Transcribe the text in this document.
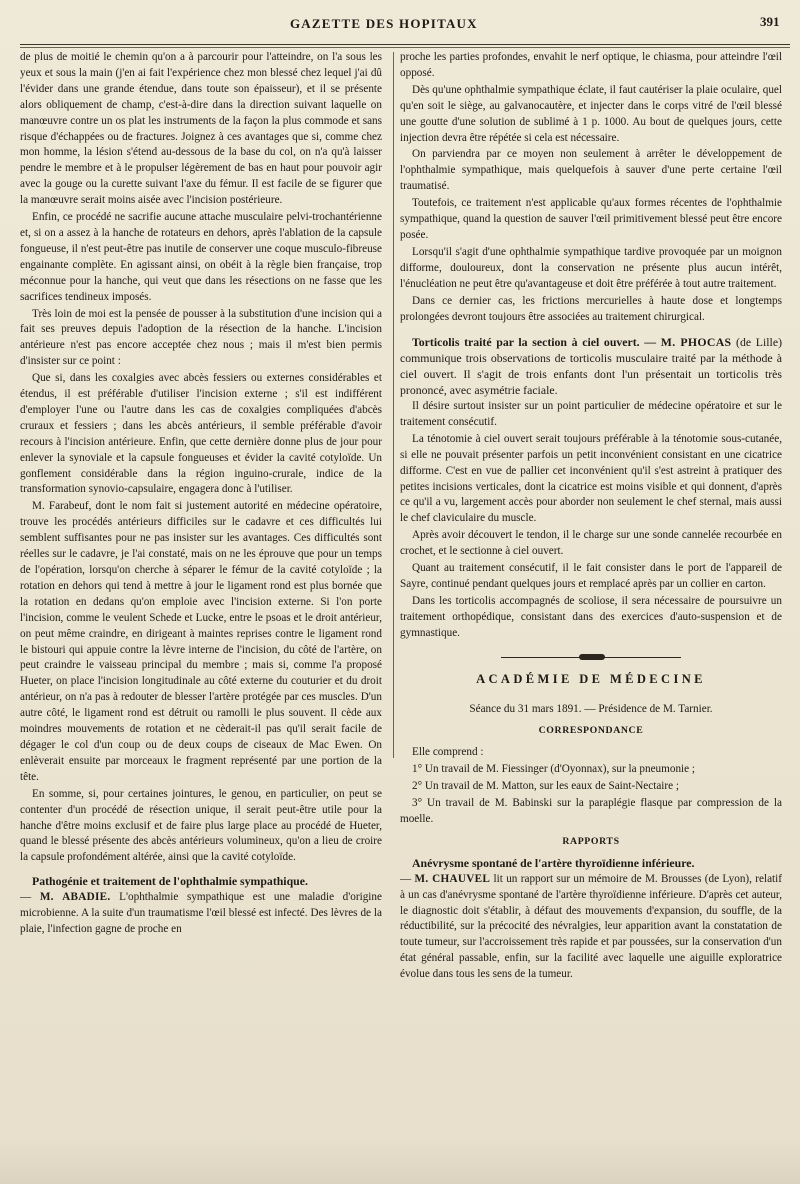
GAZETTE DES HOPITAUX	391

de plus de moitié le chemin qu'on a à parcourir pour l'atteindre, on l'a sous les yeux et sous la main (j'en ai fait l'expérience chez mon blessé chez lequel j'ai dû l'évider dans une grande étendue, dans toute son épaisseur), et il se présente alors obliquement de champ, c'est-à-dire dans la direction suivant laquelle on manœuvre contre un os plat les instruments de la façon la plus commode et sans risque d'échappées ou de fractures. Joignez à ces avantages que si, comme chez mon homme, la lésion s'étend au-dessous de la base du col, on n'a qu'à laisser pendre le membre et à le propulser légèrement de bas en haut pour pouvoir agir avec la gouge ou la curette suivant l'axe du fémur. Il est facile de se figurer que la manœuvre serait moins aisée avec l'incision postérieure.

Enfin, ce procédé ne sacrifie aucune attache musculaire pelvi-trochantérienne et, si on a assez à la hanche de rotateurs en dehors, après l'ablation de la capsule fongueuse, il n'est peut-être pas inutile de conserver une coque musculo-fibreuse engainante complète. En agissant ainsi, on obéit à la règle bien française, trop méconnue pour la hanche, qui veut que dans les résections on ne fasse que les sacrifices tendineux imposés.

Très loin de moi est la pensée de pousser à la substitution d'une incision qui a fait ses preuves depuis l'adoption de la résection de la hanche. L'incision antérieure n'est pas encore acceptée chez nous ; mais il m'est bien permis d'insister sur ce point :

Que si, dans les coxalgies avec abcès fessiers ou externes considérables et étendus, il est préférable d'utiliser l'incision externe ; s'il est indifférent d'employer l'une ou l'autre dans les cas de coxalgies compliquées d'abcès cruraux et fessiers ; dans les abcès antérieurs, il semble préférable d'avoir recours à l'incision antérieure. Enfin, que cette dernière donne plus de jour pour enlever la synoviale et la capsule fongueuses et évider la cavité cotyloïde. Un gonflement considérable dans la région inguino-crurale, indice de la transformation synovio-capsulaire, engagera donc à l'utiliser.

M. Farabeuf, dont le nom fait si justement autorité en médecine opératoire, trouve les procédés antérieurs difficiles sur le cadavre et ces difficultés lui semblent suffisantes pour ne pas insister sur les avantages. Ces difficultés sont réelles sur le cadavre, je l'ai constaté, mais on ne les éprouve que pour un temps de l'opération, lorsqu'on cherche à séparer le fémur de la cavité cotyloïde ; la rotation en dehors qui tend à mettre à jour le ligament rond est plus bornée que la rotation en dedans qu'on emploie avec l'incision externe. Si l'on porte l'incision, comme le veulent Schede et Lucke, entre le psoas et le droit antérieur, on peut même craindre, en dirigeant à maintes reprises contre le ligament rond le bistouri qui appuie contre la lèvre interne de l'incision, du côté de l'artère, on peut craindre le vaisseau principal du membre ; mais si, comme l'a proposé Hueter, on place l'incision longitudinale au côté externe du couturier et du droit antérieur, on n'a pas à redouter de blesser l'artère protégée par ces muscles. D'un autre côté, le ligament rond est détruit ou ramolli le plus souvent. Il cède aux moindres mouvements de rotation et ne cèderait-il pas qu'il serait facile de dégager le col d'un coup ou de deux coups de ciseaux de Mac Ewen. On enlèverait ensuite par morceaux le fragment représenté par une portion de la tête.

En somme, si, pour certaines jointures, le genou, en particulier, on peut se contenter d'un procédé de résection unique, il serait peut-être utile pour la hanche d'être moins exclusif et de faire plus large place au procédé de Hueter, quand le blessé présente des abcès antérieurs volumineux, qu'on a lieu de croire la capsule profondément altérée, ainsi que la cavité cotyloïde.

Pathogénie et traitement de l'ophthalmie sympathique.

— M. ABADIE. L'ophthalmie sympathique est une maladie d'origine microbienne. A la suite d'un traumatisme l'œil blessé est infecté. Des lèvres de la plaie, l'infection gagne de proche en

proche les parties profondes, envahit le nerf optique, le chiasma, pour atteindre l'œil opposé.

Dès qu'une ophthalmie sympathique éclate, il faut cautériser la plaie oculaire, quel qu'en soit le siège, au galvanocautère, et injecter dans le corps vitré de l'œil blessé une goutte d'une solution de sublimé à 1 p. 1000. Au bout de quelques jours, cette injection devra être répétée si cela est nécessaire.

On parviendra par ce moyen non seulement à arrêter le développement de l'ophthalmie sympathique, mais quelquefois à sauver d'une perte certaine l'œil traumatisé.

Toutefois, ce traitement n'est applicable qu'aux formes récentes de l'ophthalmie sympathique, quand la question de sauver l'œil primitivement blessé peut être encore posée.

Lorsqu'il s'agit d'une ophthalmie sympathique tardive provoquée par un moignon difforme, douloureux, dont la conservation ne présente plus aucun intérêt, l'énucléation ne peut être qu'avantageuse et doit être préférée à tout autre traitement.

Dans ce dernier cas, les frictions mercurielles à haute dose et longtemps prolongées devront toujours être associées au traitement chirurgical.

Torticolis traité par la section à ciel ouvert. — M. PHOCAS (de Lille) communique trois observations de torticolis musculaire traité par la méthode à ciel ouvert. Il s'agit de trois enfants dont l'un présentait un torticolis très prononcé, avec asymétrie faciale.

Il désire surtout insister sur un point particulier de médecine opératoire et sur le traitement consécutif.

La ténotomie à ciel ouvert serait toujours préférable à la ténotomie sous-cutanée, si elle ne pouvait présenter parfois un petit inconvénient consistant en une cicatrice difforme. C'est en vue de pallier cet inconvénient qu'il s'est astreint à pratiquer des petites incisions verticales, dont la cicatrice est moins visible et qui donnent, d'après ce qu'il a vu, largement accès pour aborder non seulement le chef sternal, mais aussi le chef claviculaire du muscle.

Après avoir découvert le tendon, il le charge sur une sonde cannelée recourbée en crochet, et le sectionne à ciel ouvert.

Quant au traitement consécutif, il le fait consister dans le port de l'appareil de Sayre, continué pendant quelques jours et remplacé après par un collier en carton.

Dans les torticolis accompagnés de scoliose, il sera nécessaire de poursuivre un traitement orthopédique, consistant dans des exercices d'auto-suspension et de gymnastique.

ACADÉMIE DE MÉDECINE
Séance du 31 mars 1891. — Présidence de M. Tarnier.
CORRESPONDANCE

Elle comprend :

1° Un travail de M. Fiessinger (d'Oyonnax), sur la pneumonie ;

2° Un travail de M. Matton, sur les eaux de Saint-Nectaire ;

3° Un travail de M. Babinski sur la paraplégie flasque par compression de la moelle.

RAPPORTS
Anévrysme spontané de l'artère thyroïdienne inférieure.

— M. CHAUVEL lit un rapport sur un mémoire de M. Brousses (de Lyon), relatif à un cas d'anévrysme spontané de l'artère thyroïdienne inférieure. D'après cet auteur, le diagnostic doit s'établir, à défaut des mouvements d'expansion, du souffle, de la réductibilité, sur la précocité des névralgies, leur apparition avant la constatation de toute tumeur, sur l'accroissement très rapide et par poussées, sur la conservation d'un état général passable, enfin, sur la facilité avec laquelle une aiguille exploratrice évolue dans tous les sens de la tumeur.
